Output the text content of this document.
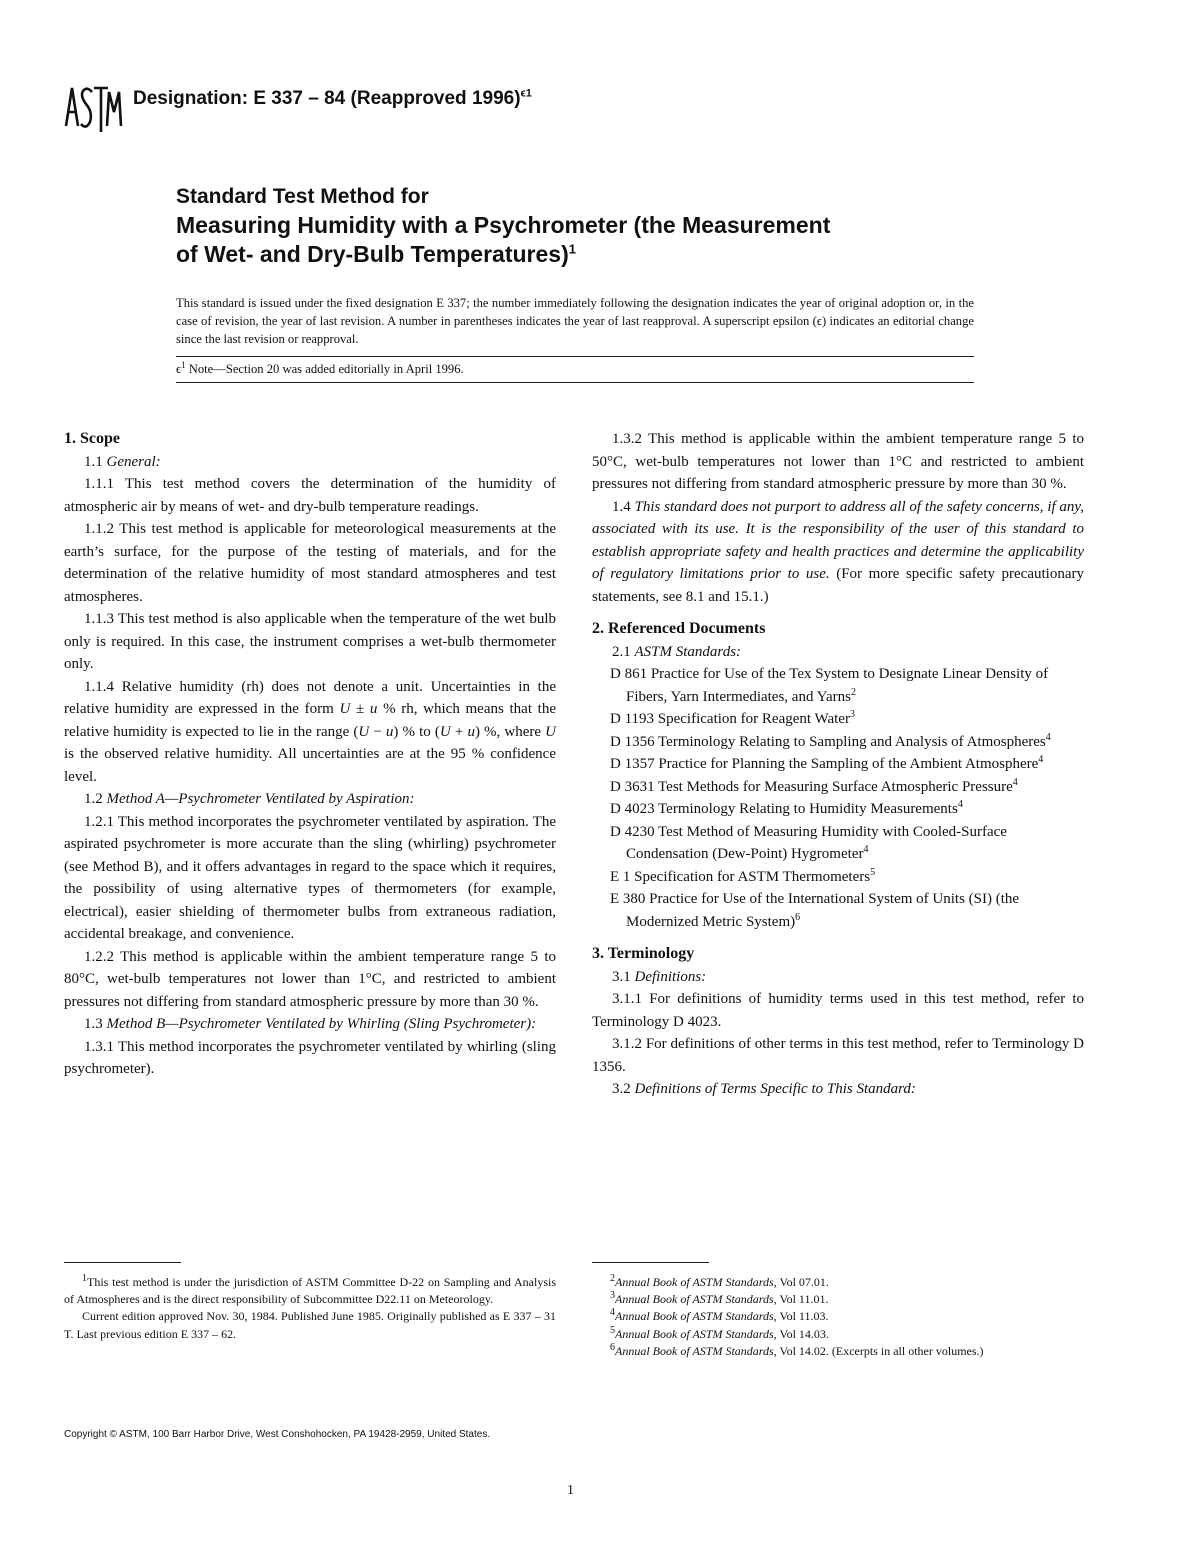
Designation: E 337 – 84 (Reapproved 1996)$^{\epsilon 1}$
Standard Test Method for
Measuring Humidity with a Psychrometer (the Measurement
of Wet- and Dry-Bulb Temperatures)$^1$
This standard is issued under the fixed designation E 337; the number immediately following the designation indicates the year of original adoption or, in the case of revision, the year of last revision. A number in parentheses indicates the year of last reapproval. A superscript epsilon (ϵ) indicates an editorial change since the last revision or reapproval.
$\epsilon^1$ Note—Section 20 was added editorially in April 1996.
1. Scope

1.1 General:

1.1.1 This test method covers the determination of the humidity of atmospheric air by means of wet- and dry-bulb temperature readings.

1.1.2 This test method is applicable for meteorological measurements at the earth’s surface, for the purpose of the testing of materials, and for the determination of the relative humidity of most standard atmospheres and test atmospheres.

1.1.3 This test method is also applicable when the temperature of the wet bulb only is required. In this case, the instrument comprises a wet-bulb thermometer only.

1.1.4 Relative humidity (rh) does not denote a unit. Uncertainties in the relative humidity are expressed in the form U ± u % rh, which means that the relative humidity is expected to lie in the range (U − u) % to (U + u) %, where U is the observed relative humidity. All uncertainties are at the 95 % confidence level.

1.2 Method A—Psychrometer Ventilated by Aspiration:

1.2.1 This method incorporates the psychrometer ventilated by aspiration. The aspirated psychrometer is more accurate than the sling (whirling) psychrometer (see Method B), and it offers advantages in regard to the space which it requires, the possibility of using alternative types of thermometers (for example, electrical), easier shielding of thermometer bulbs from extraneous radiation, accidental breakage, and convenience.

1.2.2 This method is applicable within the ambient temperature range 5 to 80°C, wet-bulb temperatures not lower than 1°C, and restricted to ambient pressures not differing from standard atmospheric pressure by more than 30 %.

1.3 Method B—Psychrometer Ventilated by Whirling (Sling Psychrometer):

1.3.1 This method incorporates the psychrometer ventilated by whirling (sling psychrometer).

1.3.2 This method is applicable within the ambient temperature range 5 to 50°C, wet-bulb temperatures not lower than 1°C and restricted to ambient pressures not differing from standard atmospheric pressure by more than 30 %.

1.4 This standard does not purport to address all of the safety concerns, if any, associated with its use. It is the responsibility of the user of this standard to establish appropriate safety and health practices and determine the applicability of regulatory limitations prior to use. (For more specific safety precautionary statements, see 8.1 and 15.1.)

2. Referenced Documents

2.1 ASTM Standards:

D 861 Practice for Use of the Tex System to Designate Linear Density of Fibers, Yarn Intermediates, and Yarns$^2$

D 1193 Specification for Reagent Water$^3$

D 1356 Terminology Relating to Sampling and Analysis of Atmospheres$^4$

D 1357 Practice for Planning the Sampling of the Ambient Atmosphere$^4$

D 3631 Test Methods for Measuring Surface Atmospheric Pressure$^4$

D 4023 Terminology Relating to Humidity Measurements$^4$

D 4230 Test Method of Measuring Humidity with Cooled-Surface Condensation (Dew-Point) Hygrometer$^4$

E 1 Specification for ASTM Thermometers$^5$

E 380 Practice for Use of the International System of Units (SI) (the Modernized Metric System)$^6$

3. Terminology

3.1 Definitions:

3.1.1 For definitions of humidity terms used in this test method, refer to Terminology D 4023.

3.1.2 For definitions of other terms in this test method, refer to Terminology D 1356.

3.2 Definitions of Terms Specific to This Standard:

$^1$This test method is under the jurisdiction of ASTM Committee D-22 on Sampling and Analysis of Atmospheres and is the direct responsibility of Subcommittee D22.11 on Meteorology.

Current edition approved Nov. 30, 1984. Published June 1985. Originally published as E 337 – 31 T. Last previous edition E 337 – 62.

$^2$Annual Book of ASTM Standards, Vol 07.01.

$^3$Annual Book of ASTM Standards, Vol 11.01.

$^4$Annual Book of ASTM Standards, Vol 11.03.

$^5$Annual Book of ASTM Standards, Vol 14.03.

$^6$Annual Book of ASTM Standards, Vol 14.02. (Excerpts in all other volumes.)

Copyright © ASTM, 100 Barr Harbor Drive, West Conshohocken, PA 19428-2959, United States.
1
